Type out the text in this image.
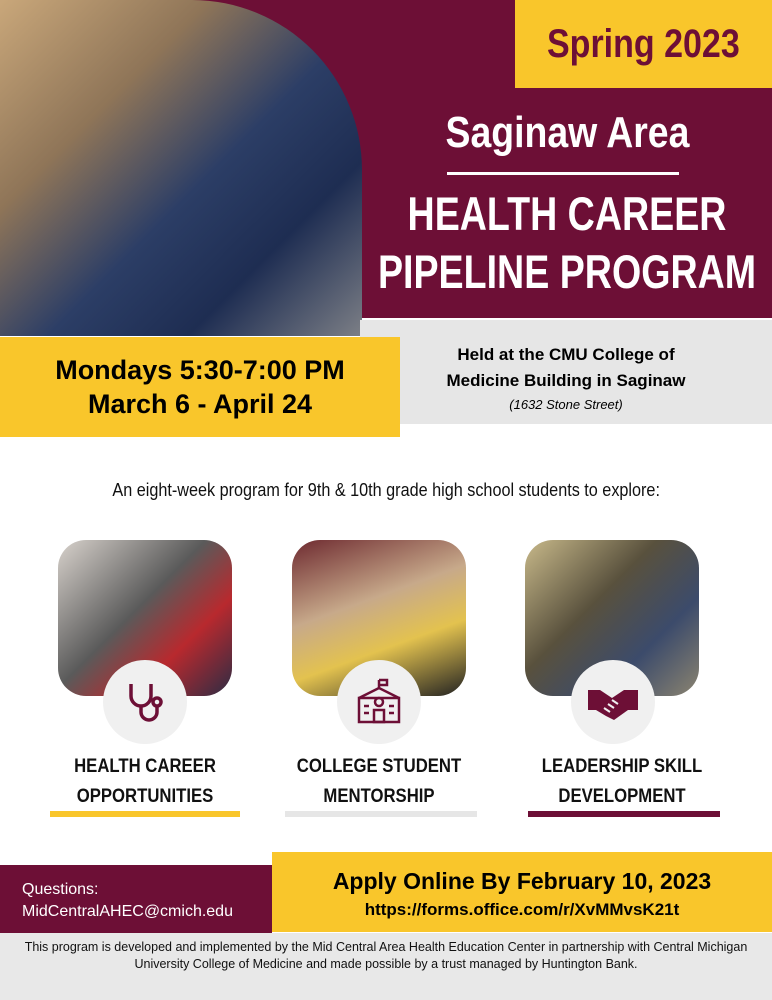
Spring 2023
Saginaw Area
HEALTH CAREER
PIPELINE PROGRAM
Held at the CMU College of
Medicine Building in Saginaw
(1632 Stone Street)
Mondays 5:30-7:00 PM
March 6 - April 24
An eight-week program for 9th & 10th grade high school students to explore:
HEALTH CAREER
OPPORTUNITIES
COLLEGE STUDENT
MENTORSHIP
LEADERSHIP SKILL
DEVELOPMENT
Questions:
MidCentralAHEC@cmich.edu
Apply Online By February 10, 2023
https://forms.office.com/r/XvMMvsK21t
This program is developed and implemented by the Mid Central Area Health Education Center in partnership with Central Michigan University College of Medicine and made possible by a trust managed by Huntington Bank.
